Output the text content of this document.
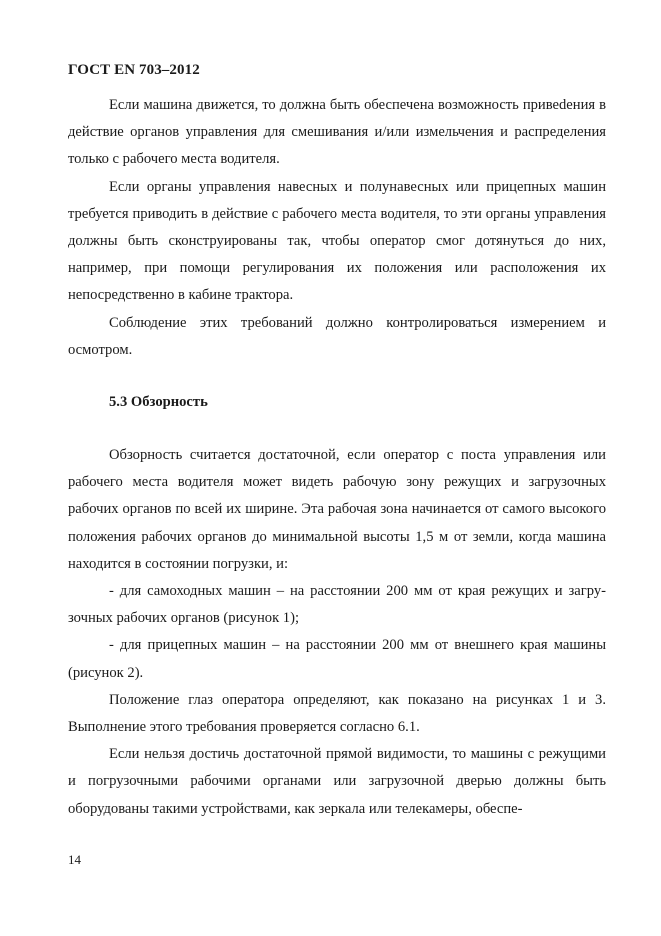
ГОСТ EN 703–2012

Если машина движется, то должна быть обеспечена возможность привеdения в действие органов управления для смешивания и/или измельчения и распределения только с рабочего места водителя.

Если органы управления навесных и полунавесных или прицепных машин требуется приводить в действие с рабочего места водителя, то эти органы управления должны быть сконструированы так, чтобы оператор смог дотянуться до них, например, при помощи регулирования их положения или расположения их непосредственно в кабине трактора.

Соблюдение этих требований должно контролироваться измерением и осмотром.

5.3 Обзорность

Обзорность считается достаточной, если оператор с поста управления или рабочего места водителя может видеть рабочую зону режущих и загрузочных рабочих органов по всей их ширине. Эта рабочая зона начинается от самого высокого положения рабочих органов до минимальной высоты 1,5 м от земли, когда машина находится в состоянии погрузки, и:

- для самоходных машин – на расстоянии 200 мм от края режущих и загрузочных рабочих органов (рисунок 1);

- для прицепных машин – на расстоянии 200 мм от внешнего края машины (рисунок 2).

Положение глаз оператора определяют, как показано на рисунках 1 и 3. Выполнение этого требования проверяется согласно 6.1.

Если нельзя достичь достаточной прямой видимости, то машины с режущими и погрузочными рабочими органами или загрузочной дверью должны быть оборудованы такими устройствами, как зеркала или телекамеры, обеспе-

14
